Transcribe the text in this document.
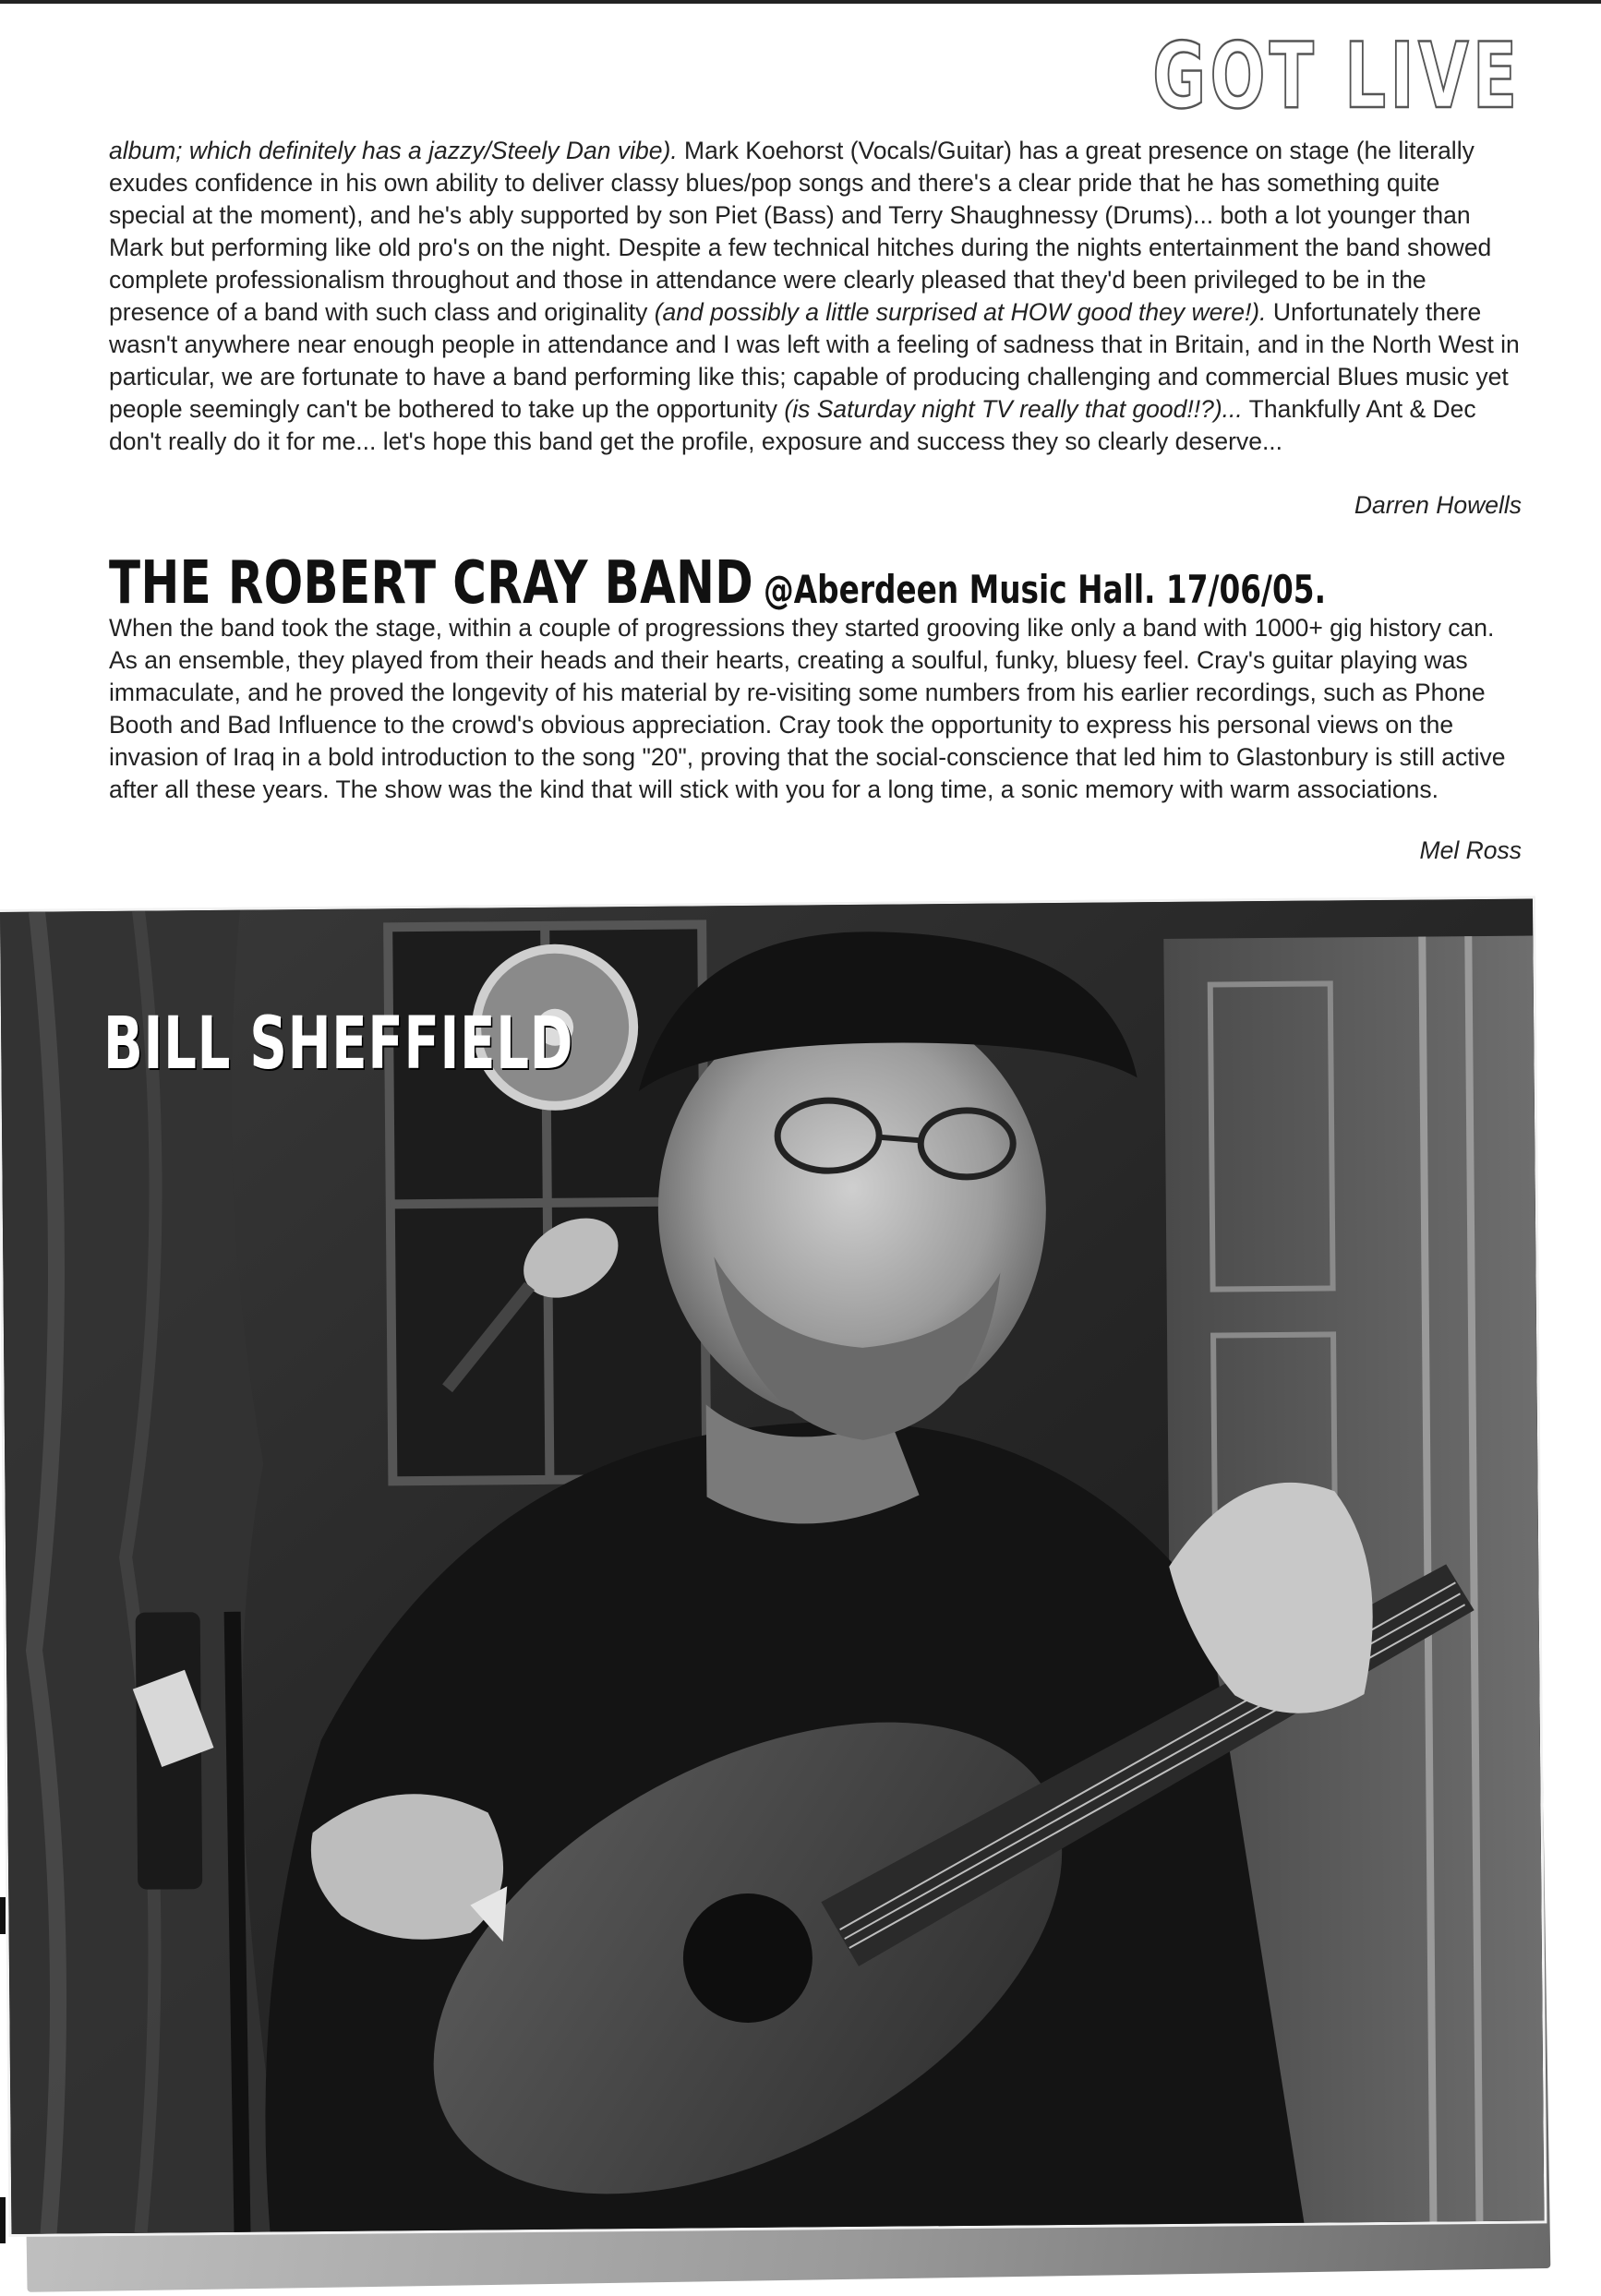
GOT LIVE
album; which definitely has a jazzy/Steely Dan vibe). Mark Koehorst (Vocals/Guitar) has a great presence on stage (he literally exudes confidence in his own ability to deliver classy blues/pop songs and there's a clear pride that he has something quite special at the moment), and he's ably supported by son Piet (Bass) and Terry Shaughnessy (Drums)... both a lot younger than Mark but performing like old pro's on the night. Despite a few technical hitches during the nights entertainment the band showed complete professionalism throughout and those in attendance were clearly pleased that they'd been privileged to be in the presence of a band with such class and originality (and possibly a little surprised at HOW good they were!). Unfortunately there wasn't anywhere near enough people in attendance and I was left with a feeling of sadness that in Britain, and in the North West in particular, we are fortunate to have a band performing like this; capable of producing challenging and commercial Blues music yet people seemingly can't be bothered to take up the opportunity (is Saturday night TV really that good!!?)... Thankfully Ant & Dec don't really do it for me... let's hope this band get the profile, exposure and success they so clearly deserve...
Darren Howells
THE ROBERT CRAY BAND @Aberdeen Music Hall. 17/06/05.
When the band took the stage, within a couple of progressions they started grooving like only a band with 1000+ gig history can. As an ensemble, they played from their heads and their hearts, creating a soulful, funky, bluesy feel. Cray's guitar playing was immaculate, and he proved the longevity of his material by re-visiting some numbers from his earlier recordings, such as Phone Booth and Bad Influence to the crowd's obvious appreciation. Cray took the opportunity to express his personal views on the invasion of Iraq in a bold introduction to the song "20", proving that the social-conscience that led him to Glastonbury is still active after all these years. The show was the kind that will stick with you for a long time, a sonic memory with warm associations.
Mel Ross
BILL SHEFFIELD
